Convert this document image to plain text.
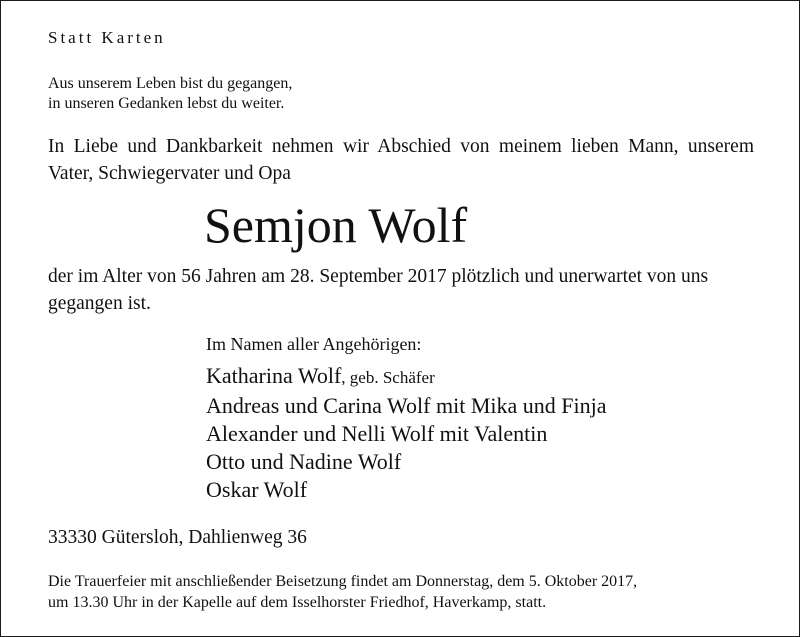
Statt Karten
Aus unserem Leben bist du gegangen,
in unseren Gedanken lebst du weiter.
In Liebe und Dankbarkeit nehmen wir Abschied von meinem lieben Mann, unserem Vater, Schwiegervater und Opa
Semjon Wolf
der im Alter von 56 Jahren am 28. September 2017 plötzlich und unerwartet von uns gegangen ist.
Im Namen aller Angehörigen:
Katharina Wolf, geb. Schäfer
Andreas und Carina Wolf mit Mika und Finja
Alexander und Nelli Wolf mit Valentin
Otto und Nadine Wolf
Oskar Wolf
33330 Gütersloh, Dahlienweg 36
Die Trauerfeier mit anschließender Beisetzung findet am Donnerstag, dem 5. Oktober 2017,
um 13.30 Uhr in der Kapelle auf dem Isselhorster Friedhof, Haverkamp, statt.
